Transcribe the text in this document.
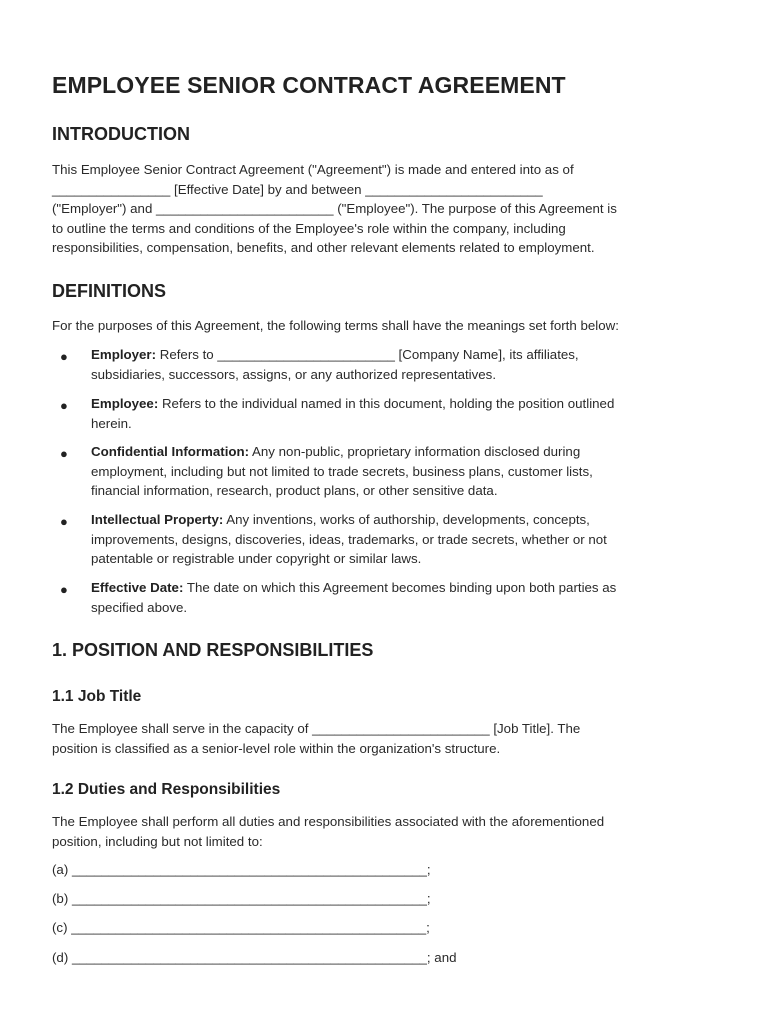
EMPLOYEE SENIOR CONTRACT AGREEMENT
INTRODUCTION
This Employee Senior Contract Agreement ("Agreement") is made and entered into as of
________________ [Effective Date] by and between ________________________
("Employer") and ________________________ ("Employee"). The purpose of this Agreement is
to outline the terms and conditions of the Employee's role within the company, including
responsibilities, compensation, benefits, and other relevant elements related to employment.
DEFINITIONS
For the purposes of this Agreement, the following terms shall have the meanings set forth below:
● Employer: Refers to ________________________ [Company Name], its affiliates,
subsidiaries, successors, assigns, or any authorized representatives.
● Employee: Refers to the individual named in this document, holding the position outlined
herein.
● Confidential Information: Any non-public, proprietary information disclosed during
employment, including but not limited to trade secrets, business plans, customer lists,
financial information, research, product plans, or other sensitive data.
● Intellectual Property: Any inventions, works of authorship, developments, concepts,
improvements, designs, discoveries, ideas, trademarks, or trade secrets, whether or not
patentable or registrable under copyright or similar laws.
● Effective Date: The date on which this Agreement becomes binding upon both parties as
specified above.
1. POSITION AND RESPONSIBILITIES
1.1 Job Title
The Employee shall serve in the capacity of ________________________ [Job Title]. The
position is classified as a senior-level role within the organization's structure.
1.2 Duties and Responsibilities
The Employee shall perform all duties and responsibilities associated with the aforementioned
position, including but not limited to:
(a) ________________________________________________;
(b) ________________________________________________;
(c) ________________________________________________;
(d) ________________________________________________; and
